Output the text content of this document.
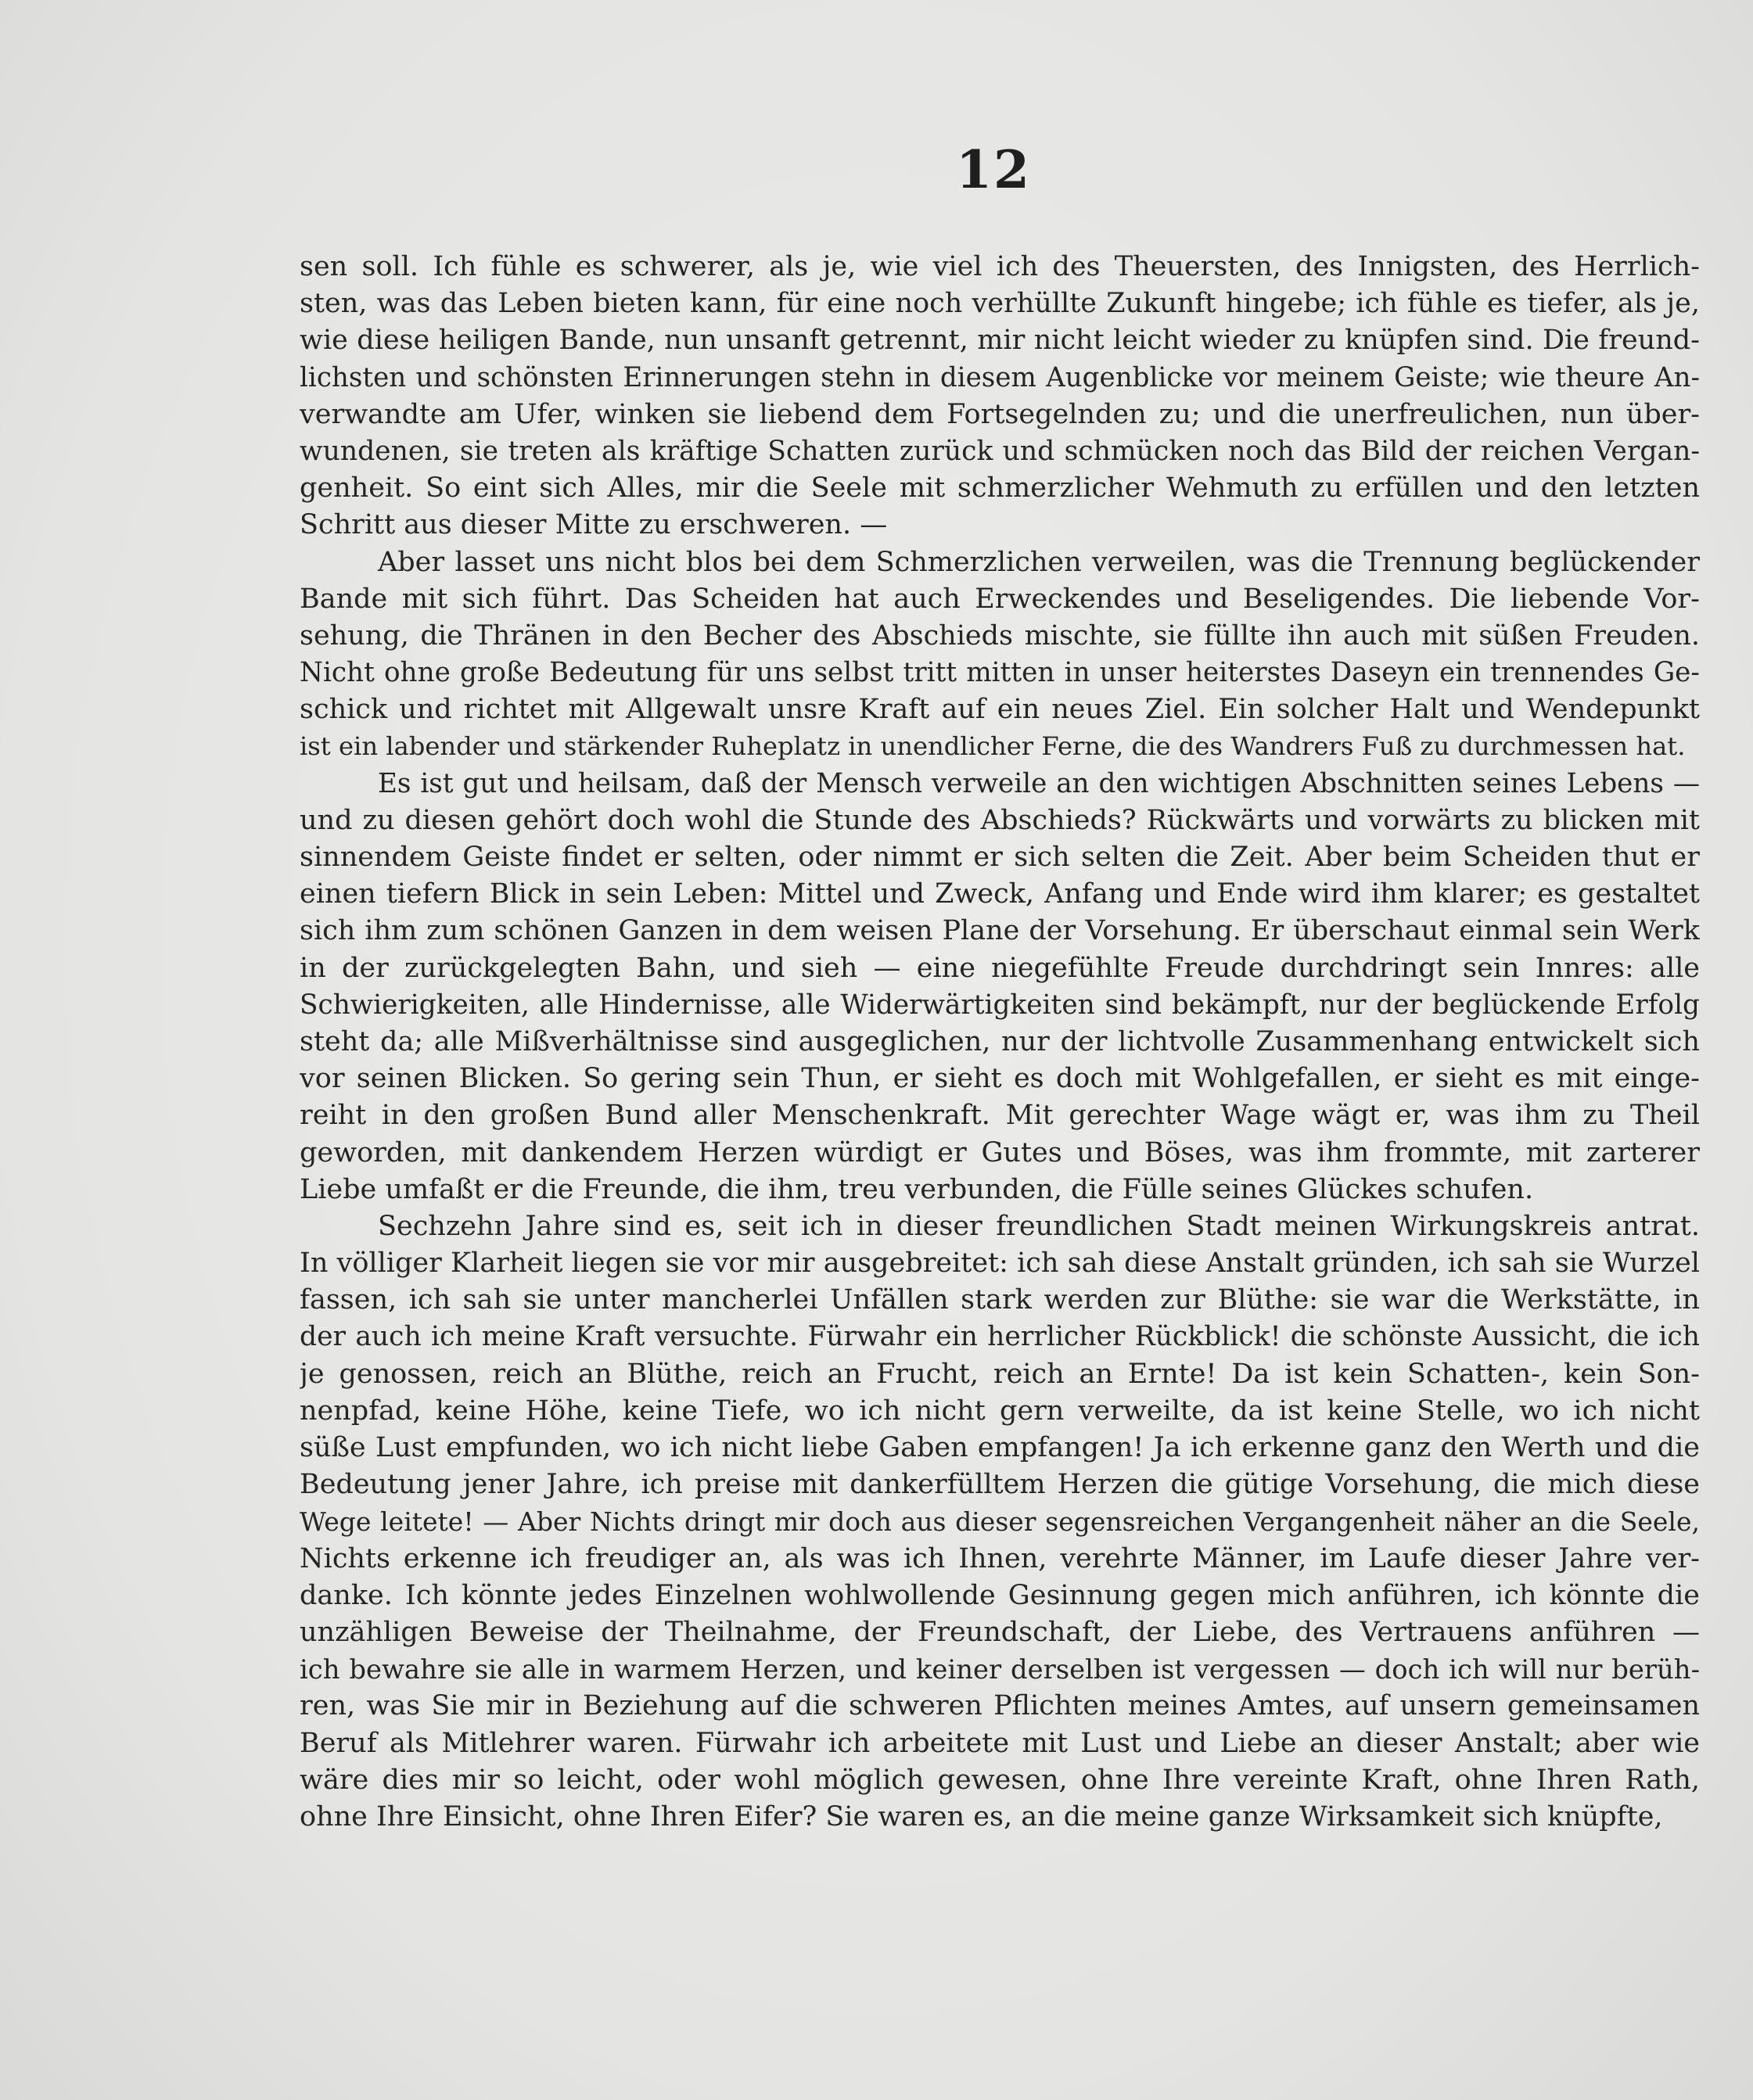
12
sen soll. Ich fühle es schwerer, als je, wie viel ich des Theuersten, des Innigsten, des Herrlich-
sten, was das Leben bieten kann, für eine noch verhüllte Zukunft hingebe; ich fühle es tiefer, als je,
wie diese heiligen Bande, nun unsanft getrennt, mir nicht leicht wieder zu knüpfen sind. Die freund-
lichsten und schönsten Erinnerungen stehn in diesem Augenblicke vor meinem Geiste; wie theure An-
verwandte am Ufer, winken sie liebend dem Fortsegelnden zu; und die unerfreulichen, nun über-
wundenen, sie treten als kräftige Schatten zurück und schmücken noch das Bild der reichen Vergan-
genheit. So eint sich Alles, mir die Seele mit schmerzlicher Wehmuth zu erfüllen und den letzten
Schritt aus dieser Mitte zu erschweren. —
Aber lasset uns nicht blos bei dem Schmerzlichen verweilen, was die Trennung beglückender
Bande mit sich führt. Das Scheiden hat auch Erweckendes und Beseligendes. Die liebende Vor-
sehung, die Thränen in den Becher des Abschieds mischte, sie füllte ihn auch mit süßen Freuden.
Nicht ohne große Bedeutung für uns selbst tritt mitten in unser heiterstes Daseyn ein trennendes Ge-
schick und richtet mit Allgewalt unsre Kraft auf ein neues Ziel. Ein solcher Halt und Wendepunkt
ist ein labender und stärkender Ruheplatz in unendlicher Ferne, die des Wandrers Fuß zu durchmessen hat.
Es ist gut und heilsam, daß der Mensch verweile an den wichtigen Abschnitten seines Lebens —
und zu diesen gehört doch wohl die Stunde des Abschieds? Rückwärts und vorwärts zu blicken mit
sinnendem Geiste findet er selten, oder nimmt er sich selten die Zeit. Aber beim Scheiden thut er
einen tiefern Blick in sein Leben: Mittel und Zweck, Anfang und Ende wird ihm klarer; es gestaltet
sich ihm zum schönen Ganzen in dem weisen Plane der Vorsehung. Er überschaut einmal sein Werk
in der zurückgelegten Bahn, und sieh — eine niegefühlte Freude durchdringt sein Innres: alle
Schwierigkeiten, alle Hindernisse, alle Widerwärtigkeiten sind bekämpft, nur der beglückende Erfolg
steht da; alle Mißverhältnisse sind ausgeglichen, nur der lichtvolle Zusammenhang entwickelt sich
vor seinen Blicken. So gering sein Thun, er sieht es doch mit Wohlgefallen, er sieht es mit einge-
reiht in den großen Bund aller Menschenkraft. Mit gerechter Wage wägt er, was ihm zu Theil
geworden, mit dankendem Herzen würdigt er Gutes und Böses, was ihm frommte, mit zarterer
Liebe umfaßt er die Freunde, die ihm, treu verbunden, die Fülle seines Glückes schufen.
Sechzehn Jahre sind es, seit ich in dieser freundlichen Stadt meinen Wirkungskreis antrat.
In völliger Klarheit liegen sie vor mir ausgebreitet: ich sah diese Anstalt gründen, ich sah sie Wurzel
fassen, ich sah sie unter mancherlei Unfällen stark werden zur Blüthe: sie war die Werkstätte, in
der auch ich meine Kraft versuchte. Fürwahr ein herrlicher Rückblick! die schönste Aussicht, die ich
je genossen, reich an Blüthe, reich an Frucht, reich an Ernte! Da ist kein Schatten-, kein Son-
nenpfad, keine Höhe, keine Tiefe, wo ich nicht gern verweilte, da ist keine Stelle, wo ich nicht
süße Lust empfunden, wo ich nicht liebe Gaben empfangen! Ja ich erkenne ganz den Werth und die
Bedeutung jener Jahre, ich preise mit dankerfülltem Herzen die gütige Vorsehung, die mich diese
Wege leitete! — Aber Nichts dringt mir doch aus dieser segensreichen Vergangenheit näher an die Seele,
Nichts erkenne ich freudiger an, als was ich Ihnen, verehrte Männer, im Laufe dieser Jahre ver-
danke. Ich könnte jedes Einzelnen wohlwollende Gesinnung gegen mich anführen, ich könnte die
unzähligen Beweise der Theilnahme, der Freundschaft, der Liebe, des Vertrauens anführen —
ich bewahre sie alle in warmem Herzen, und keiner derselben ist vergessen — doch ich will nur berüh-
ren, was Sie mir in Beziehung auf die schweren Pflichten meines Amtes, auf unsern gemeinsamen
Beruf als Mitlehrer waren. Fürwahr ich arbeitete mit Lust und Liebe an dieser Anstalt; aber wie
wäre dies mir so leicht, oder wohl möglich gewesen, ohne Ihre vereinte Kraft, ohne Ihren Rath,
ohne Ihre Einsicht, ohne Ihren Eifer? Sie waren es, an die meine ganze Wirksamkeit sich knüpfte,
